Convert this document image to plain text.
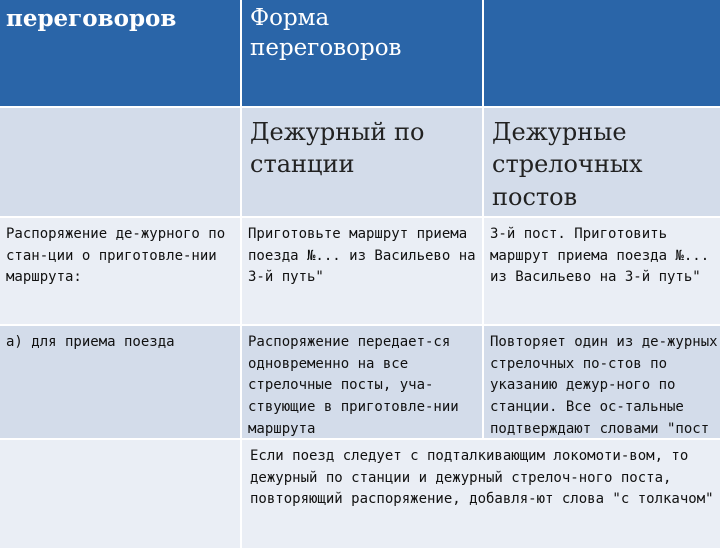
переговоров	Форма переговоров
Дежурный по станции
Дежурные стрелочных постов
Распоряжение де-журного по стан-ции о приготовле-нии маршрута:
Приготовьте маршрут приема поезда №... из Васильево на 3-й путь"
3-й пост. Приготовить маршрут приема поезда №... из Васильево на 3-й путь"
а) для приема поезда	Распоряжение передает-ся одновременно на все стрелочные посты, уча-ствующие в приготовле-нии маршрута
Повторяет один из де-журных стрелочных по-стов по указанию дежур-ного по станции. Все ос-тальные подтверждают словами "пост
Если поезд следует с подталкивающим локомоти-вом, то дежурный по станции и дежурный стрелоч-ного поста, повторяющий распоряжение, добавля-ют слова "с толкачом"
